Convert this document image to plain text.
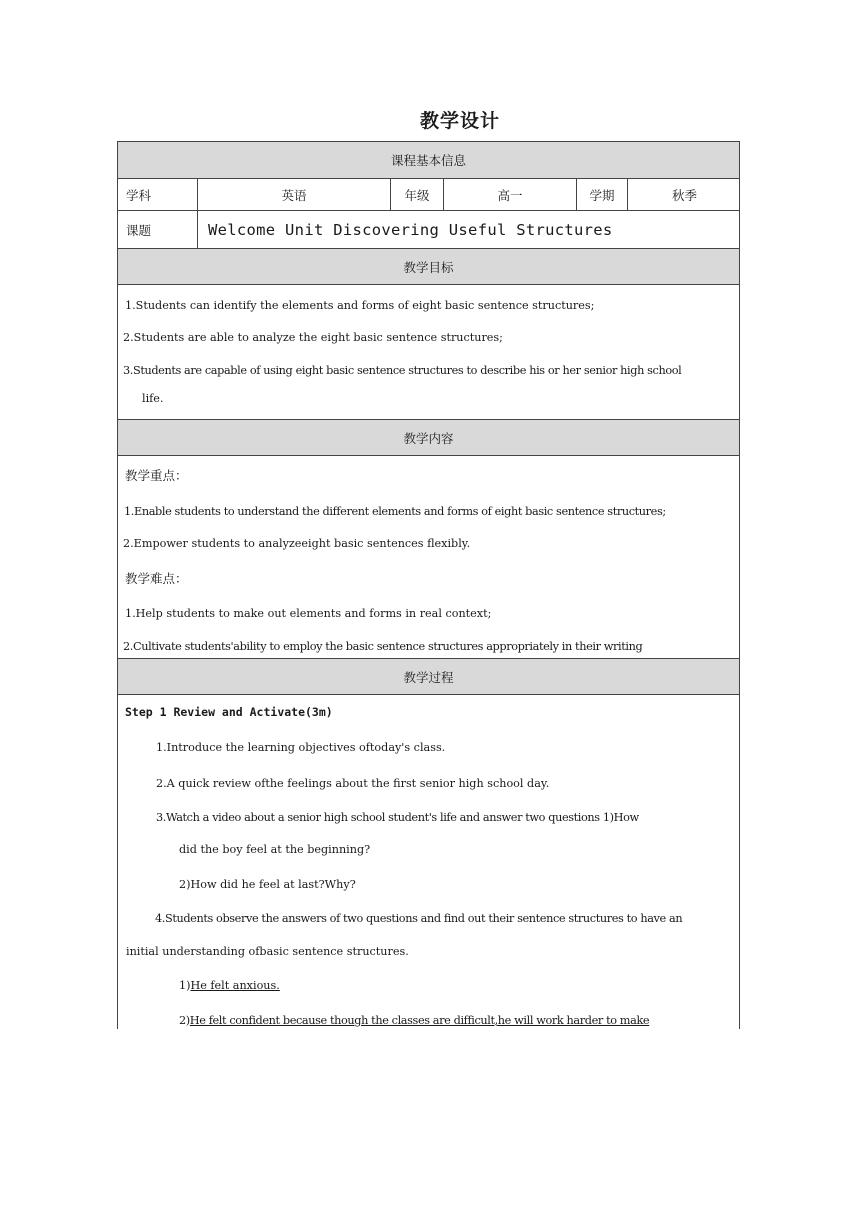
教学设计
课程基本信息
学科	英语	年级	高一	学期	秋季
课题	Welcome Unit Discovering Useful Structures
教学目标
1.Students can identify the elements and forms of eight basic sentence structures;
2.Students are able to analyze the eight basic sentence structures;
3.Students are capable of using eight basic sentence structures to describe his or her senior high school
life.
教学内容
教学重点：
1.Enable students to understand the different elements and forms of eight basic sentence structures;
2.Empower students to analyzeeight basic sentences flexibly.
教学难点：
1.Help students to make out elements and forms in real context;
2.Cultivate students'ability to employ the basic sentence structures appropriately in their writing
教学过程
Step 1 Review and Activate(3m)
1.Introduce the learning objectives oftoday's class.
2.A quick review ofthe feelings about the first senior high school day.
3.Watch a video about a senior high school student's life and answer two questions 1)How
did the boy feel at the beginning?
2)How did he feel at last?Why?
4.Students observe the answers of two questions and find out their sentence structures to have an
initial understanding ofbasic sentence structures.
1)He felt anxious.
2)He felt confident because though the classes are difficult,he will work harder to make
